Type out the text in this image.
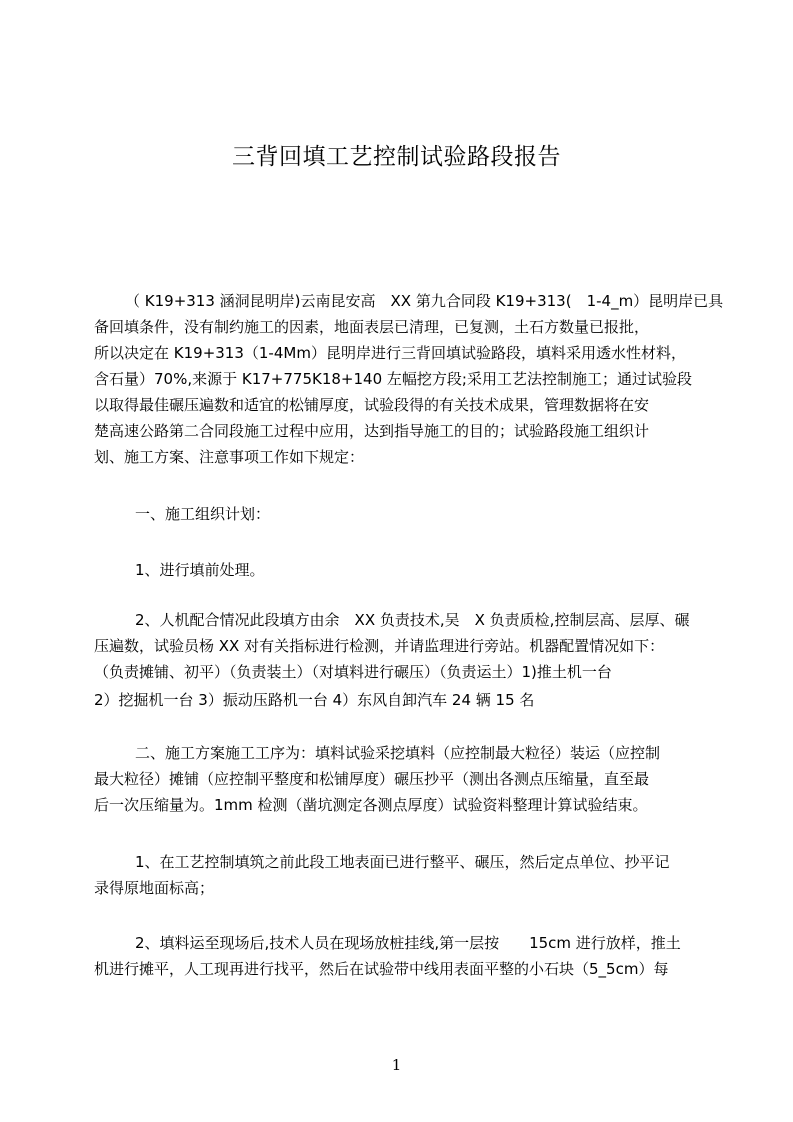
三背回填工艺控制试验路段报告
（ K19+313 涵洞昆明岸)云南昆安高　XX 第九合同段 K19+313(　1-4_m）昆明岸已具
备回填条件，没有制约施工的因素，地面表层已清理，已复测，土石方数量已报批，
所以决定在 K19+313（1-4Mm）昆明岸进行三背回填试验路段，填料采用透水性材料，
含石量）70%,来源于 K17+775K18+140 左幅挖方段;采用工艺法控制施工；通过试验段
以取得最佳碾压遍数和适宜的松铺厚度，试验段得的有关技术成果，管理数据将在安
楚高速公路第二合同段施工过程中应用，达到指导施工的目的；试验路段施工组织计
划、施工方案、注意事项工作如下规定：
一、施工组织计划：
1、进行填前处理。
2、人机配合情况此段填方由余　XX 负责技术,吴　X 负责质检,控制层高、层厚、碾
压遍数，试验员杨 XX 对有关指标进行检测，并请监理进行旁站。机器配置情况如下：
（负责摊铺、初平）（负责装土）（对填料进行碾压）（负责运土）1)推土机一台
2）挖掘机一台 3）振动压路机一台 4）东风自卸汽车 24 辆 15 名
二、施工方案施工工序为：填料试验采挖填料（应控制最大粒径）装运（应控制
最大粒径）摊铺（应控制平整度和松铺厚度）碾压抄平（测出各测点压缩量，直至最
后一次压缩量为。1mm 检测（凿坑测定各测点厚度）试验资料整理计算试验结束。
1、在工艺控制填筑之前此段工地表面已进行整平、碾压，然后定点单位、抄平记
录得原地面标高；
2、填料运至现场后,技术人员在现场放桩挂线,第一层按　　15cm 进行放样，推土
机进行摊平，人工现再进行找平，然后在试验带中线用表面平整的小石块（5_5cm）每
1
